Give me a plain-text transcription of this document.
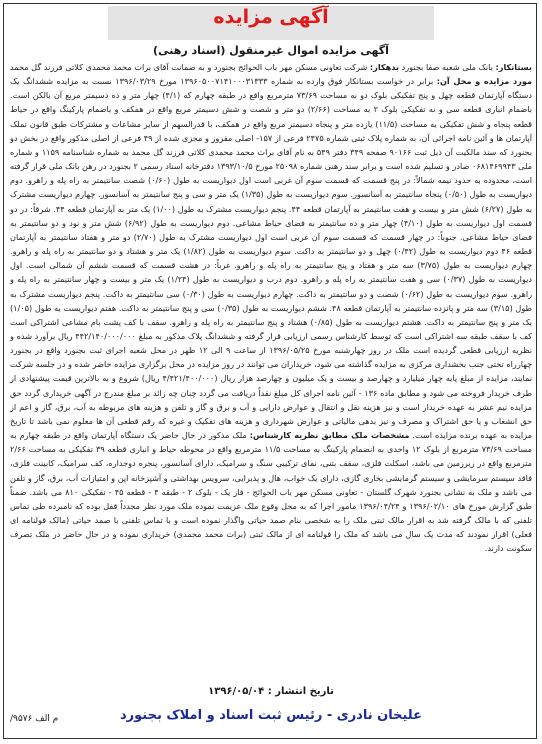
آگهی مزایده
آگهی مزایده اموال غیرمنقول (اسناد رهنی)
بستانکار: بانک ملی شعبه صفا بجنورد بدهکار: شرکت تعاونی مسکن مهر باب الحوائج بجنورد و به ضمانت آقای برات محمد محمدی کلاتی فرزند گل محمد مورد مزایده و محل آن: برابر در خواست بستانکار فوق وارده به شماره ۱۳۹۶۰۵۰۰۷۱۴۱۰۰۰۳۱۳۳۳ مورخ ۱۳۹۶/۰۳/۲۹ نسبت به مزایده ششدانگ یک دستگاه آپارتمان قطعه چهل و پنج تفکیکی بلوک دو به مساحت ۷۳/۶۹ مترمربع واقع در طبقه چهارم که (۴/۱) چهار متر و ده دسیمتر مربع آن بالکن است. باضمام انباری قطعه سی و نه تفکیکی بلوک ۲ به مساحت (۲/۶۶) دو متر و شصت و شش دسیمتر مربع واقع در همکف و باضمام پارکینگ واقع در حیاط قطعه پنجاه و شش تفکیکی به مساحت (۱۱/۵) یازده متر و پنجاه دسیمتر مربع واقع در همکف، با قدرالسهم از سایر مشاعات و مشترکات طبق قانون تملک آپارتمان ها و آئین نامه اجرائی آن، به شماره پلاک ثبتی شماره ۲۴۷۵ فرعی از ۱۵۷- اصلی مفروز و مجزی شده از ۴۹ فرعی از اصلی مذکور واقع در بخش دو بجنورد که سند مالکیت آن ذیل ثبت ۹۰۱۶۶ صفحه ۳۴۹ دفتر ۵۴۹ به نام آقای برات محمد محمدی کلاتی فرزند گل محمد به شماره شناسنامه ۱۱۵۹ و شماره ملی ۰۶۸۱۴۶۹۹۴۳ صادر و تسلیم شده است و برابر سند رهنی شماره ۲۵۰۹۸ مورخ ۱۳۹۳/۱۰/۵ دفترخانه اسناد رسمی ۲ بجنورد در رهن بانک ملی قرار گرفته است، محدوده به حدود نیمه شمالاً: در پنج قسمت که قسمت سوم آن غربی است اول دیواریست به طول (۰/۶۰) شصت سانتیمتر به راه پله و راهرو. دوم دیواریست به طول (۰/۵۰) پنجاه سانتیمتر به آسانسور. سوم دیواریست به طول (۱/۳۵) یک متر و سی و پنج سانتیمتر به آسانسور. چهارم دیواریست مشترک به طول (۶/۲۷) شش متر و بیست و هفت سانتیمتر به آپارتمان قطعه ۴۴. پنجم دیواریست مشترک به طول (۱/۰۰) یک متر به آپارتمان قطعه ۴۴. شرقاً: در دو قسمت اول دیواریست به طول (۴/۱۰) چهار متر و ده سانتیمتر به فضای حیاط مشاعی. دوم دیواریست به طول (۶/۹۲) شش متر و نود و دو سانتیمتر به فضای حیاط مشاعی. جنوباً: در چهار قسمت که قسمت سوم آن غربی است اول دیواریست مشترک به طول (۲/۷۰) دو متر و هفتاد سانتیمتر به آپارتمان قطعه ۴۶ دوم دیواریست به طول (۰/۴۲) چهل و دو سانتیمتر به داکت. سوم دیواریست به طول (۱/۸۲) یک متر و هشتاد و دو سانتیمتر به راه پله و راهرو. چهارم دیواریست به طول (۳/۷۵) سه متر و هفتاد و پنج سانتیمتر به راه پله و راهرو. غرباً: در هشت قسمت که قسمت ششم آن شمالی است. اول دیواریست به طول (۰/۳۷) سی و هفت سانتیمتر به راه پله و راهرو. دوم درب و دیواریست به طول (۱/۲۴) یک متر و بیست و چهار سانتیمتر به راه پله و راهرو. سوم دیواریست به طول (۰/۶۲) شصت و دو سانتیمتر به داکت. چهارم دیواریست به طول (۰/۳۰) سی سانتیمتر به داکت. پنجم دیواریست مشترک به طول (۳/۱۵) سه متر و پانزده سانتیمتر به آپارتمان قطعه ۴۸. ششم دیواریست به طول (۰/۳۵) سی و پنج سانتیمتر به داکت. هفتم دیواریست به طول (۱/۰۵) یک متر و پنج سانتیمتر به داکت. هشتم دیواریست به طول (۰/۸۵) هشتاد و پنج سانتیمتر به راه پله و راهرو. سقف با کف پشت بام مشاعی اشتراکی است کف با سقف طبقه سه اشتراکی است که توسط کارشناس رسمی ارزیابی قرار گرفته و ششدانگ پلاک مذکور به مبلغ ۴۴۲/۱۴۰/۰۰۰/۰۰۰ ریال برآورد شده و نظریه ارزیابی قطعی گردیده است ملک در روز چهارشنبه مورخ ۱۳۹۶/۰۵/۲۵ از ساعت ۹ الی ۱۲ ظهر در محل شعبه اجرای ثبت بجنورد واقع در بجنورد چهارراه تختی جنب بخشداری مرکزی به مزایده گذاشته می شود، خریداران می توانند در روز مزایده در محل برگزاری مزایده حاضر شده و در جلسه شرکت نمایند، مزایده از مبلغ پایه چهار میلیارد و چهارصد و بیست و یک میلیون و چهارصد هزار ریال (۴/۴۲۱/۴۰۰/۰۰۰ ریال) شروع و به بالاترین قیمت پیشنهادی از طرف خریدار فروخته می شود و مطابق ماده ۱۳۶ - آئین نامه اجرای کل مبلغ نقداً دریافت می گردد چنان چه زائد بر مبلغ مندرج در آگهی خریداری گردد حق مزایده نیم عشر به عهده خریدار است و نیز هزینه نقل و انتقال و عوارض دارایی و آب و برق و گاز و تلفن و هزینه های مربوطه به آب، برق، گاز و اعم از حق انشعاب و یا حق اشتراک و مصرف و نیز بدهی مالیاتی و عوارض شهرداری و هزینه های تفکیک و غیره که رقم قطعی آن ها معلوم نمی باشد تا تاریخ مزایده به عهده برنده مزایده است. مشخصات ملک مطابق نظریه کارشناس: ملک مذکور در حال حاضر یک دستگاه آپارتمان واقع در طبقه چهارم به مساحت ۷۳/۶۹ مترمربع از بلوک ۱۲ واحدی به انضمام پارکینگ به مساحت ۱۱/۵ مترمربع واقع در محوطه حیاط و انباری قطعه ۳۹ تفکیکی به مساحت ۲/۶۶ مترمربع واقع در زیرزمین می باشد، اسکلت فلزی، سقف بتنی، نمای ترکیبی سنگ و سرامیک، دارای آسانسور، پنجره دوجداره، کف سرامیک، کابینت فلزی، فاقد سیستم سرمایشی و سیستم گرمایشی بخاری گازی، دارای یک خواب، هال و پذیرایی، سرویس بهداشتی و آشپزخانه اپن و امتیازات آب، برق، گاز و تلفن می باشد و ملک به نشانی بجنورد شهرک گلستان - تعاونی مسکن مهر باب الحوائج - فاز یک - بلوک ۲ - طبقه ۴ - قطعه ۴۵ - تفکیکی ۸۱۰ می باشد. ضمناً طبق گزارش مورخ های ۱۳۹۶/۰۲/۱۰ و ۱۳۹۶/۰۴/۲۴ مامور اجرا که به محل وقوع ملک عزیمت نموده ملک مورد نظر مجدداً قفل بوده که نامبرده طی تماس تلفنی که با مالک گرفته شد به اقرار مالک ثبتی ملک را به شخصی بنام صمد حیاتی واگذار نموده است و با تماس تلفنی با صمد حیاتی (مالک قولنامه ای فعلی) اقرار نمودند که مدت یک سال می باشد که ملک را قولنامه ای از مالک ثبتی (برات محمد محمدی) خریداری نموده و در حال حاضر در ملک تصرف سکونت دارند.
تاریخ انتشار : ۱۳۹۶/۰۵/۰۴
م الف ۹۵۷۶/	علیخان نادری - رئیس ثبت اسناد و املاک بجنورد
